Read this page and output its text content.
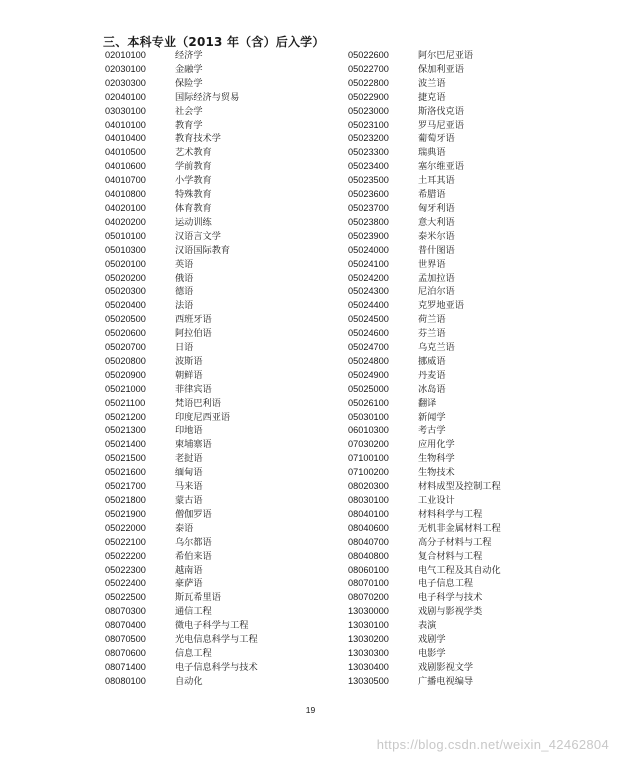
三、本科专业（2013 年（含）后入学）
02010100	经济学
02030100	金融学
02030300	保险学
02040100	国际经济与贸易
03030100	社会学
04010100	教育学
04010400	教育技术学
04010500	艺术教育
04010600	学前教育
04010700	小学教育
04010800	特殊教育
04020100	体育教育
04020200	运动训练
05010100	汉语言文学
05010300	汉语国际教育
05020100	英语
05020200	俄语
05020300	德语
05020400	法语
05020500	西班牙语
05020600	阿拉伯语
05020700	日语
05020800	波斯语
05020900	朝鲜语
05021000	菲律宾语
05021100	梵语巴利语
05021200	印度尼西亚语
05021300	印地语
05021400	柬埔寨语
05021500	老挝语
05021600	缅甸语
05021700	马来语
05021800	蒙古语
05021900	僧伽罗语
05022000	泰语
05022100	乌尔都语
05022200	希伯来语
05022300	越南语
05022400	豪萨语
05022500	斯瓦希里语
08070300	通信工程
08070400	微电子科学与工程
08070500	光电信息科学与工程
08070600	信息工程
08071400	电子信息科学与技术
08080100	自动化
05022600	阿尔巴尼亚语
05022700	保加利亚语
05022800	波兰语
05022900	捷克语
05023000	斯洛伐克语
05023100	罗马尼亚语
05023200	葡萄牙语
05023300	瑞典语
05023400	塞尔维亚语
05023500	土耳其语
05023600	希腊语
05023700	匈牙利语
05023800	意大利语
05023900	泰米尔语
05024000	普什图语
05024100	世界语
05024200	孟加拉语
05024300	尼泊尔语
05024400	克罗地亚语
05024500	荷兰语
05024600	芬兰语
05024700	乌克兰语
05024800	挪威语
05024900	丹麦语
05025000	冰岛语
05026100	翻译
05030100	新闻学
06010300	考古学
07030200	应用化学
07100100	生物科学
07100200	生物技术
08020300	材料成型及控制工程
08030100	工业设计
08040100	材料科学与工程
08040600	无机非金属材料工程
08040700	高分子材料与工程
08040800	复合材料与工程
08060100	电气工程及其自动化
08070100	电子信息工程
08070200	电子科学与技术
13030000	戏剧与影视学类
13030100	表演
13030200	戏剧学
13030300	电影学
13030400	戏剧影视文学
13030500	广播电视编导
19
https://blog.csdn.net/weixin_42462804
